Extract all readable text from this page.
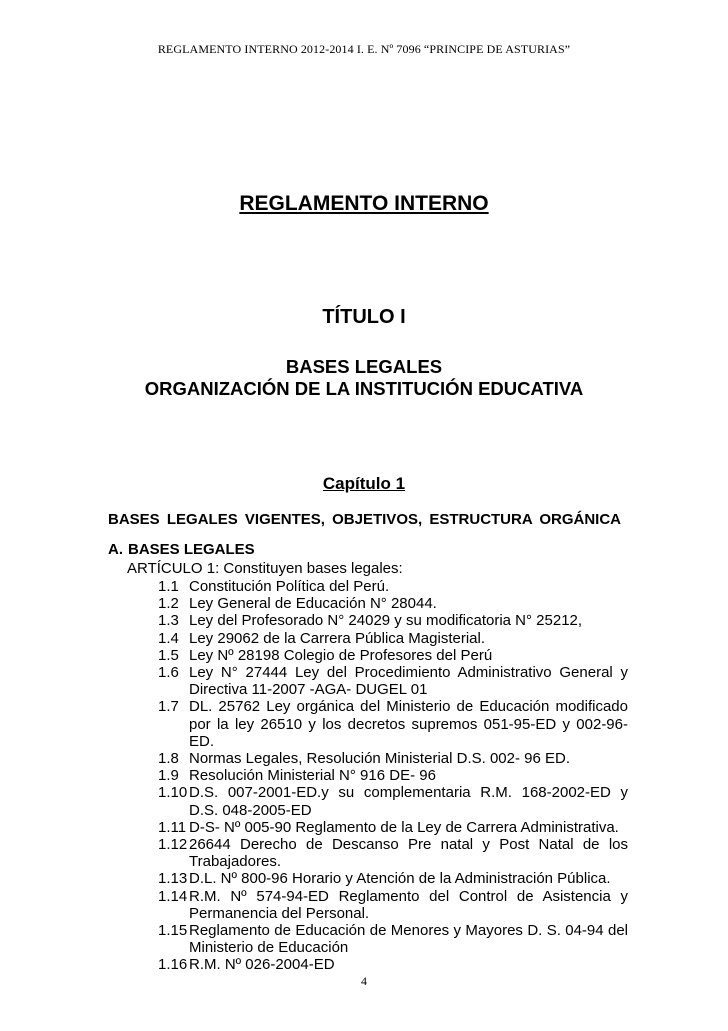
REGLAMENTO INTERNO 2012-2014 I. E. Nº 7096 “PRINCIPE DE ASTURIAS”
REGLAMENTO INTERNO
TÍTULO I
BASES LEGALES
ORGANIZACIÓN DE LA INSTITUCIÓN EDUCATIVA
Capítulo 1
BASES LEGALES VIGENTES, OBJETIVOS, ESTRUCTURA ORGÁNICA
A. BASES LEGALES
ARTÍCULO 1: Constituyen bases legales:
1.1 Constitución Política del Perú.
1.2 Ley General de Educación N° 28044.
1.3 Ley del Profesorado N° 24029 y su modificatoria N° 25212,
1.4 Ley 29062 de la Carrera Pública Magisterial.
1.5 Ley Nº 28198 Colegio de Profesores del Perú
1.6 Ley N° 27444 Ley del Procedimiento Administrativo General y Directiva 11-2007 -AGA- DUGEL 01
1.7 DL. 25762 Ley orgánica del Ministerio de Educación modificado por la ley 26510 y los decretos supremos 051-95-ED y 002-96-ED.
1.8 Normas Legales, Resolución Ministerial D.S. 002- 96 ED.
1.9 Resolución Ministerial N° 916 DE- 96
1.10 D.S. 007-2001-ED.y su complementaria R.M. 168-2002-ED y D.S. 048-2005-ED
1.11 D-S- Nº 005-90 Reglamento de la Ley de Carrera Administrativa.
1.12 26644 Derecho de Descanso Pre natal y Post Natal de los Trabajadores.
1.13 D.L. Nº 800-96 Horario y Atención de la Administración Pública.
1.14 R.M. Nº 574-94-ED Reglamento del Control de Asistencia y Permanencia del Personal.
1.15 Reglamento de Educación de Menores y Mayores D. S. 04-94 del Ministerio de Educación
1.16 R.M. Nº 026-2004-ED
4
